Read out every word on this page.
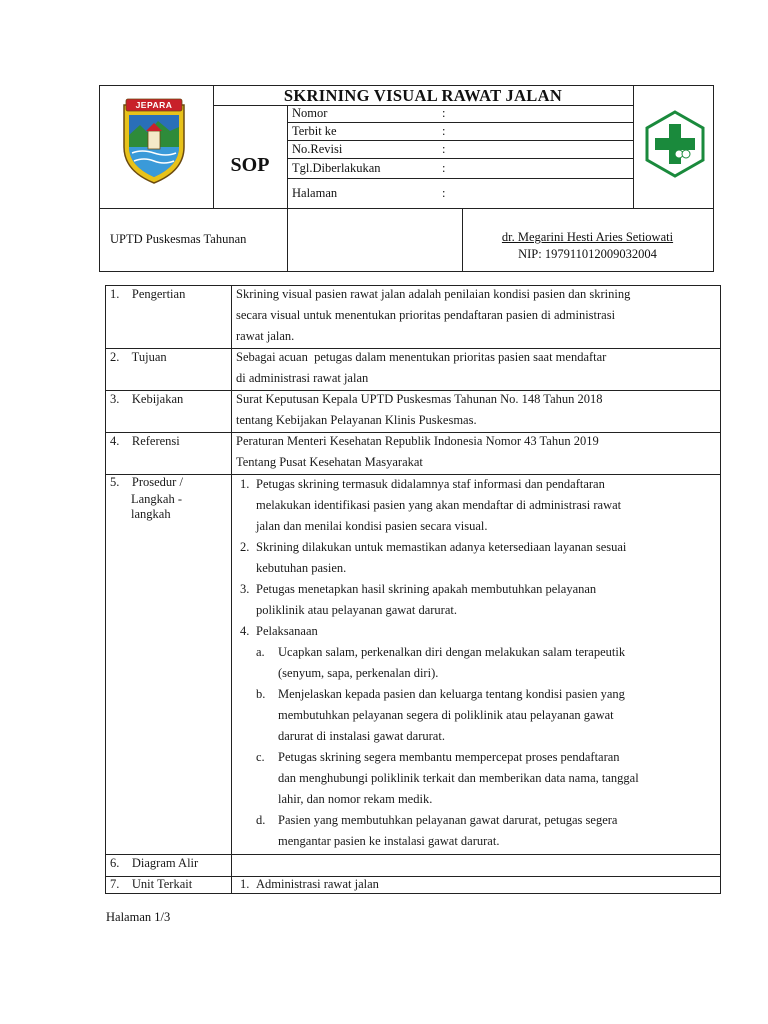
JEPARA	SKRINING VISUAL RAWAT JALAN
SOP
Nomor	:
Terbit ke	:
No.Revisi	:
Tgl.Diberlakukan	:
Halaman	:
UPTD Puskesmas Tahunan	dr. Megarini Hesti Aries Setiowati
NIP: 197911012009032004
1.    Pengertian	Skrining visual pasien rawat jalan adalah penilaian kondisi pasien dan skrining
secara visual untuk menentukan prioritas pendaftaran pasien di administrasi
rawat jalan.
2.    Tujuan	Sebagai acuan  petugas dalam menentukan prioritas pasien saat mendaftar
di administrasi rawat jalan
3.    Kebijakan	Surat Keputusan Kepala UPTD Puskesmas Tahunan No. 148 Tahun 2018
tentang Kebijakan Pelayanan Klinis Puskesmas.
4.    Referensi	Peraturan Menteri Kesehatan Republik Indonesia Nomor 43 Tahun 2019
Tentang Pusat Kesehatan Masyarakat
5.    Prosedur /
Langkah -
langkah
1. Petugas skrining termasuk didalamnya staf informasi dan pendaftaran
melakukan identifikasi pasien yang akan mendaftar di administrasi rawat
jalan dan menilai kondisi pasien secara visual.
2. Skrining dilakukan untuk memastikan adanya ketersediaan layanan sesuai
kebutuhan pasien.
3. Petugas menetapkan hasil skrining apakah membutuhkan pelayanan
poliklinik atau pelayanan gawat darurat.
4. Pelaksanaan
a. Ucapkan salam, perkenalkan diri dengan melakukan salam terapeutik
(senyum, sapa, perkenalan diri).
b. Menjelaskan kepada pasien dan keluarga tentang kondisi pasien yang
membutuhkan pelayanan segera di poliklinik atau pelayanan gawat
darurat di instalasi gawat darurat.
c. Petugas skrining segera membantu mempercepat proses pendaftaran
dan menghubungi poliklinik terkait dan memberikan data nama, tanggal
lahir, dan nomor rekam medik.
d. Pasien yang membutuhkan pelayanan gawat darurat, petugas segera
mengantar pasien ke instalasi gawat darurat.
6.    Diagram Alir
7.    Unit Terkait	1. Administrasi rawat jalan
Halaman 1/3
